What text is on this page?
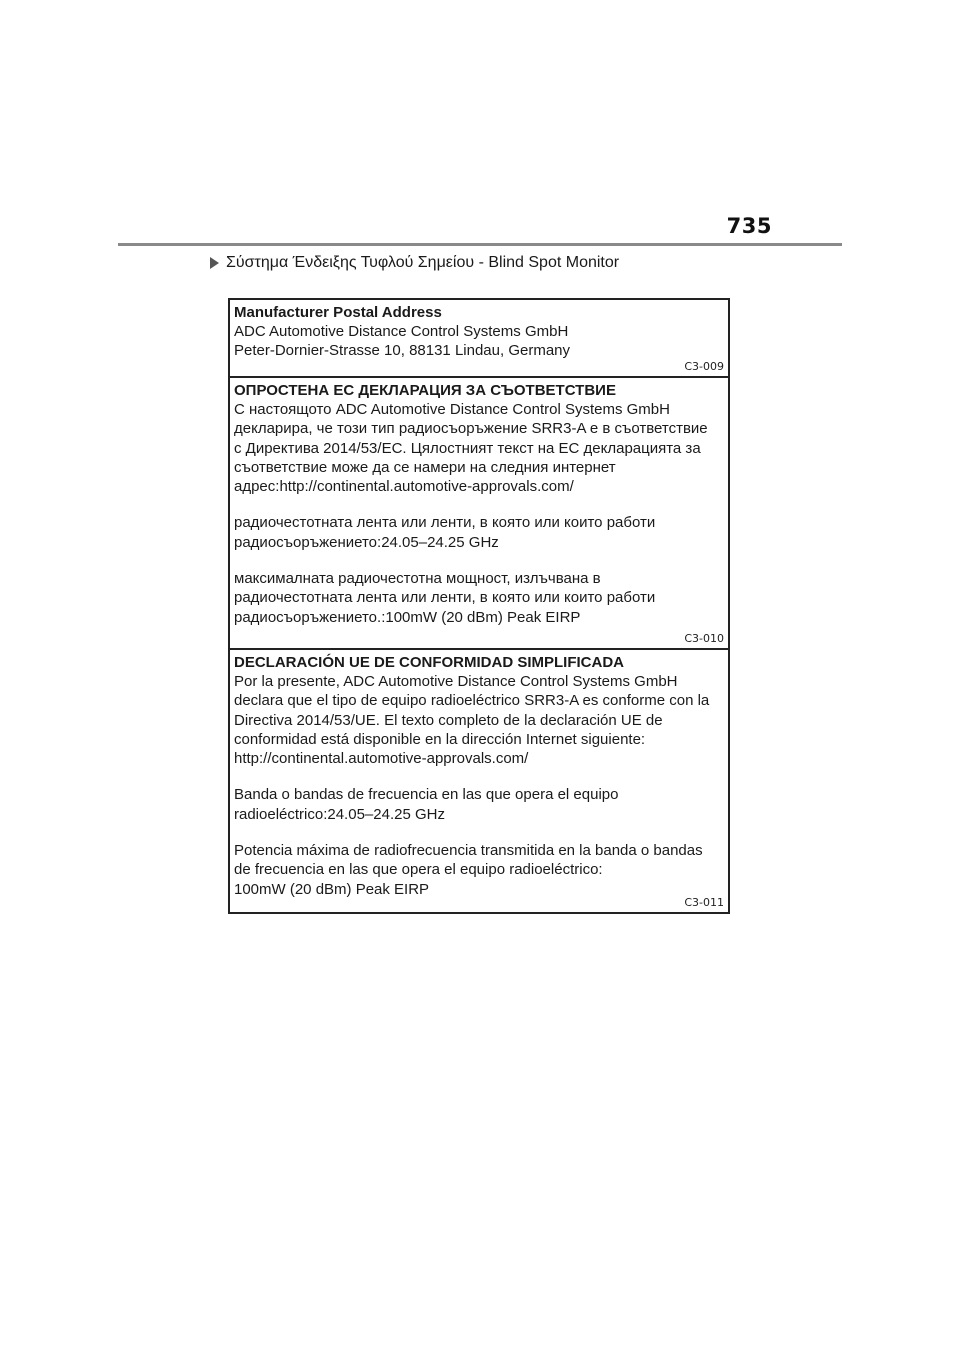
735
Σύστημα Ένδειξης Τυφλού Σημείου - Blind Spot Monitor
Manufacturer Postal Address
ADC Automotive Distance Control Systems GmbH
Peter-Dornier-Strasse 10, 88131 Lindau, Germany
C3-009
ОПРОСТЕНА ЕС ДЕКЛАРАЦИЯ ЗА СЪОТВЕТСТВИЕ
С настоящото ADC Automotive Distance Control Systems GmbH
декларира, че този тип радиосъоръжение SRR3-A е в съответствие
с Директива 2014/53/ЕС. Цялостният текст на ЕС декларацията за
съответствие може да се намери на следния интернет
адрес:http://continental.automotive-approvals.com/
радиочестотната лента или ленти, в която или които работи
радиосъоръжението:24.05–24.25 GHz
максималната радиочестотна мощност, излъчвана в
радиочестотната лента или ленти, в която или които работи
радиосъоръжението.:100mW (20 dBm) Peak EIRP
C3-010
DECLARACIÓN UE DE CONFORMIDAD SIMPLIFICADA
Por la presente, ADC Automotive Distance Control Systems GmbH
declara que el tipo de equipo radioeléctrico SRR3-A es conforme con la
Directiva 2014/53/UE. El texto completo de la declaración UE de
conformidad está disponible en la dirección Internet siguiente:
http://continental.automotive-approvals.com/
Banda o bandas de frecuencia en las que opera el equipo
radioeléctrico:24.05–24.25 GHz
Potencia máxima de radiofrecuencia transmitida en la banda o bandas
de frecuencia en las que opera el equipo radioeléctrico:
100mW (20 dBm) Peak EIRP
C3-011
